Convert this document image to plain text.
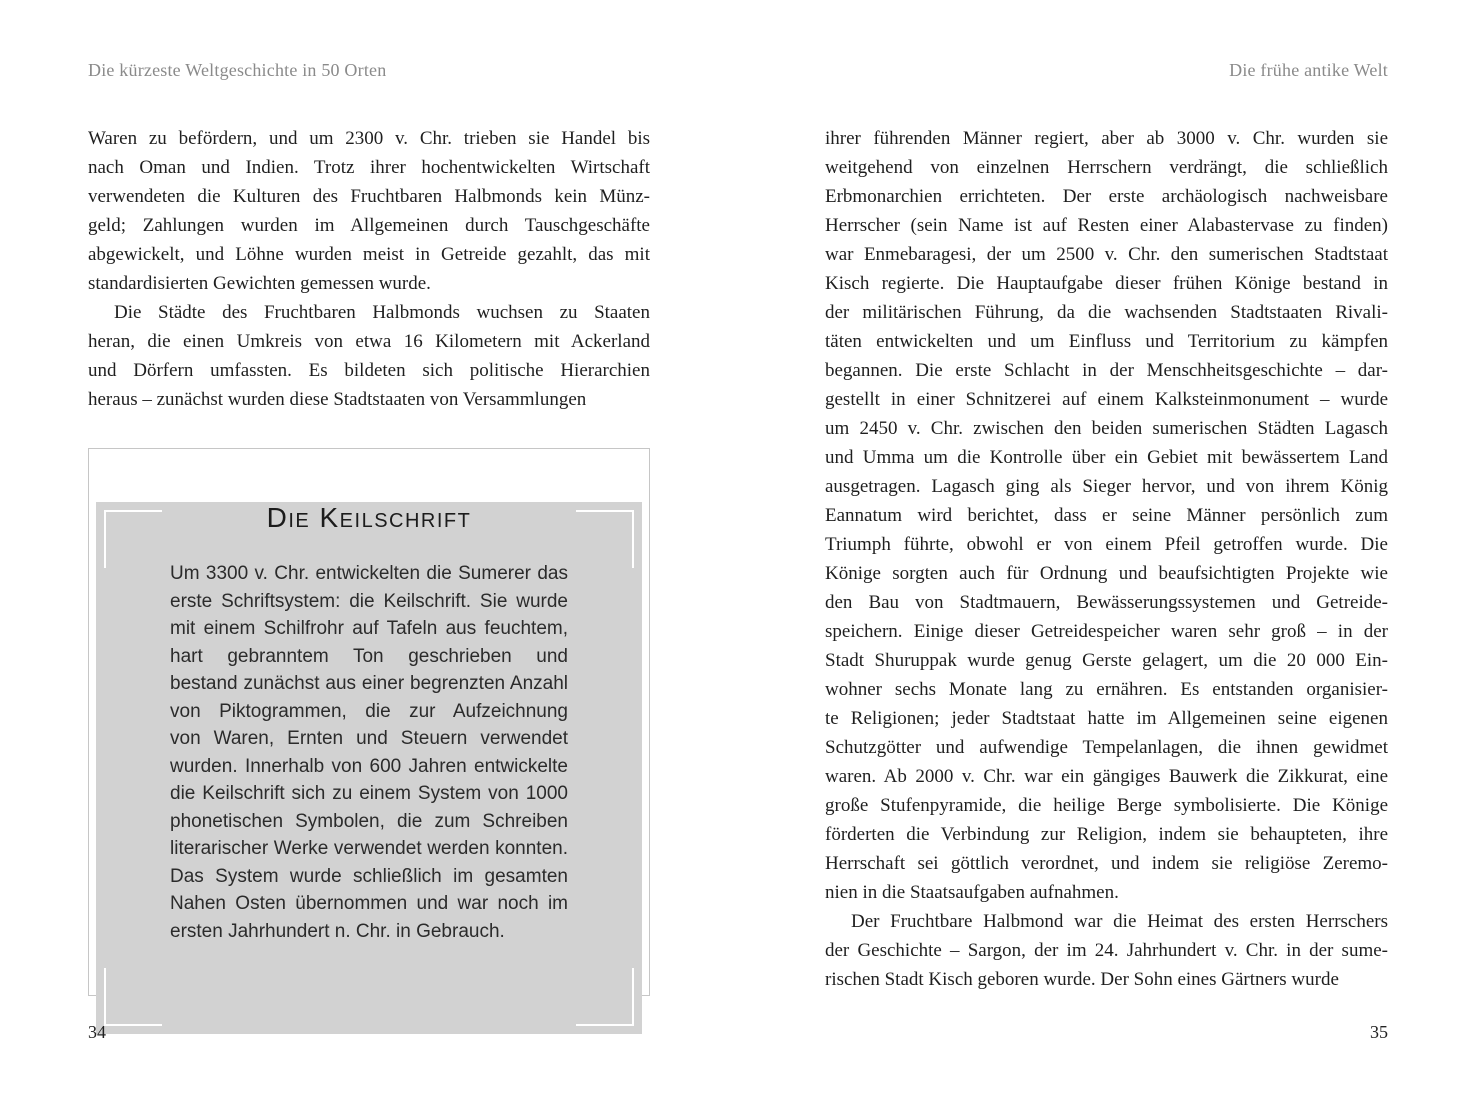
Die kürzeste Weltgeschichte in 50 Orten
Waren zu befördern, und um 2300 v. Chr. trieben sie Handel bis
nach Oman und Indien. Trotz ihrer hochentwickelten Wirtschaft
verwendeten die Kulturen des Fruchtbaren Halbmonds kein Münz-
geld; Zahlungen wurden im Allgemeinen durch Tauschgeschäfte
abgewickelt, und Löhne wurden meist in Getreide gezahlt, das mit
standardisierten Gewichten gemessen wurde.
Die Städte des Fruchtbaren Halbmonds wuchsen zu Staaten
heran, die einen Umkreis von etwa 16 Kilometern mit Ackerland
und Dörfern umfassten. Es bildeten sich politische Hierarchien
heraus – zunächst wurden diese Stadtstaaten von Versammlungen
Die Keilschrift
Um 3300 v. Chr. entwickelten die Sumerer das
erste Schriftsystem: die Keilschrift. Sie wurde
mit einem Schilfrohr auf Tafeln aus feuchtem,
hart gebranntem Ton geschrieben und
bestand zunächst aus einer begrenzten Anzahl
von Piktogrammen, die zur Aufzeichnung
von Waren, Ernten und Steuern verwendet
wurden. Innerhalb von 600 Jahren entwickelte
die Keilschrift sich zu einem System von 1000
phonetischen Symbolen, die zum Schreiben
literarischer Werke verwendet werden konnten.
Das System wurde schließlich im gesamten
Nahen Osten übernommen und war noch im
ersten Jahrhundert n. Chr. in Gebrauch.
34
Die frühe antike Welt
ihrer führenden Männer regiert, aber ab 3000 v. Chr. wurden sie
weitgehend von einzelnen Herrschern verdrängt, die schließlich
Erbmonarchien errichteten. Der erste archäologisch nachweisbare
Herrscher (sein Name ist auf Resten einer Alabastervase zu finden)
war Enmebaragesi, der um 2500 v. Chr. den sumerischen Stadtstaat
Kisch regierte. Die Hauptaufgabe dieser frühen Könige bestand in
der militärischen Führung, da die wachsenden Stadtstaaten Rivali-
täten entwickelten und um Einfluss und Territorium zu kämpfen
begannen. Die erste Schlacht in der Menschheitsgeschichte – dar-
gestellt in einer Schnitzerei auf einem Kalksteinmonument – wurde
um 2450 v. Chr. zwischen den beiden sumerischen Städten Lagasch
und Umma um die Kontrolle über ein Gebiet mit bewässertem Land
ausgetragen. Lagasch ging als Sieger hervor, und von ihrem König
Eannatum wird berichtet, dass er seine Männer persönlich zum
Triumph führte, obwohl er von einem Pfeil getroffen wurde. Die
Könige sorgten auch für Ordnung und beaufsichtigten Projekte wie
den Bau von Stadtmauern, Bewässerungssystemen und Getreide-
speichern. Einige dieser Getreidespeicher waren sehr groß – in der
Stadt Shuruppak wurde genug Gerste gelagert, um die 20 000 Ein-
wohner sechs Monate lang zu ernähren. Es entstanden organisier-
te Religionen; jeder Stadtstaat hatte im Allgemeinen seine eigenen
Schutzgötter und aufwendige Tempelanlagen, die ihnen gewidmet
waren. Ab 2000 v. Chr. war ein gängiges Bauwerk die Zikkurat, eine
große Stufenpyramide, die heilige Berge symbolisierte. Die Könige
förderten die Verbindung zur Religion, indem sie behaupteten, ihre
Herrschaft sei göttlich verordnet, und indem sie religiöse Zeremo-
nien in die Staatsaufgaben aufnahmen.
Der Fruchtbare Halbmond war die Heimat des ersten Herrschers
der Geschichte – Sargon, der im 24. Jahrhundert v. Chr. in der sume-
rischen Stadt Kisch geboren wurde. Der Sohn eines Gärtners wurde
35
